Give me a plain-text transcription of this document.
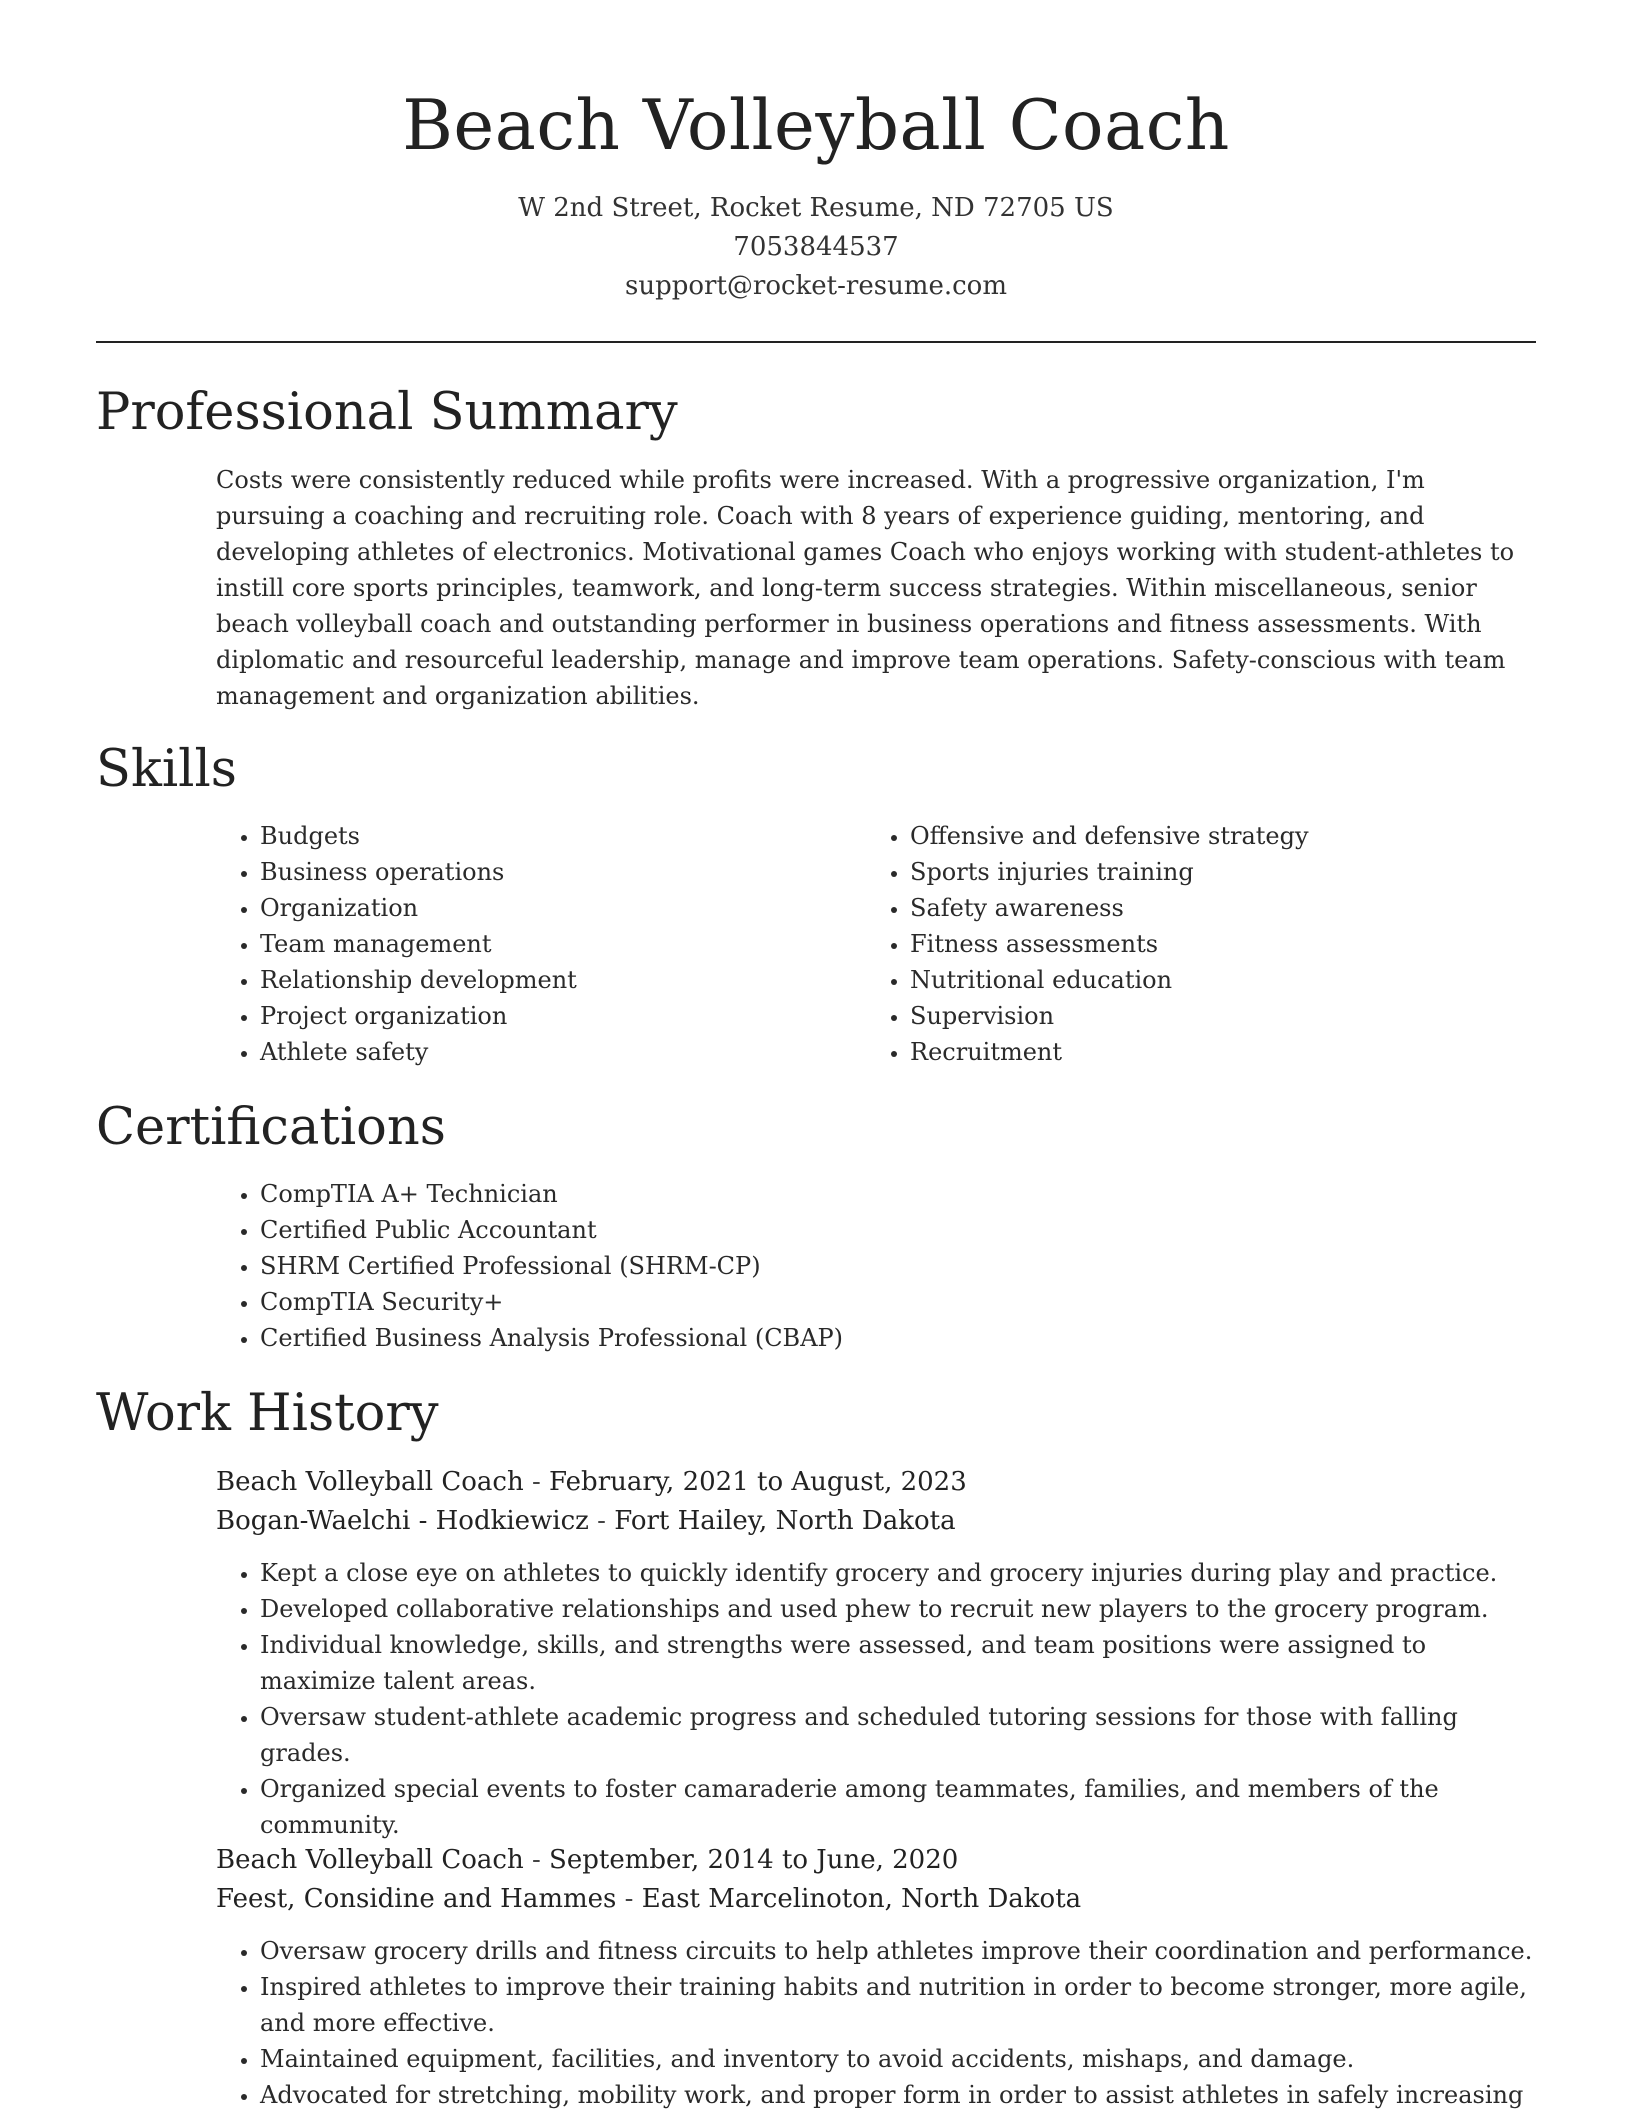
Beach Volleyball Coach
W 2nd Street, Rocket Resume, ND 72705 US
7053844537
support@rocket-resume.com
Professional Summary
Costs were consistently reduced while profits were increased. With a progressive organization, I'm pursuing a coaching and recruiting role. Coach with 8 years of experience guiding, mentoring, and developing athletes of electronics. Motivational games Coach who enjoys working with student-athletes to instill core sports principles, teamwork, and long-term success strategies. Within miscellaneous, senior beach volleyball coach and outstanding performer in business operations and fitness assessments. With diplomatic and resourceful leadership, manage and improve team operations. Safety-conscious with team management and organization abilities.
Skills
• Budgets
• Business operations
• Organization
• Team management
• Relationship development
• Project organization
• Athlete safety
• Offensive and defensive strategy
• Sports injuries training
• Safety awareness
• Fitness assessments
• Nutritional education
• Supervision
• Recruitment
Certifications
• CompTIA A+ Technician
• Certified Public Accountant
• SHRM Certified Professional (SHRM-CP)
• CompTIA Security+
• Certified Business Analysis Professional (CBAP)
Work History
Beach Volleyball Coach - February, 2021 to August, 2023
Bogan-Waelchi - Hodkiewicz - Fort Hailey, North Dakota
• Kept a close eye on athletes to quickly identify grocery and grocery injuries during play and practice.
• Developed collaborative relationships and used phew to recruit new players to the grocery program.
• Individual knowledge, skills, and strengths were assessed, and team positions were assigned to maximize talent areas.
• Oversaw student-athlete academic progress and scheduled tutoring sessions for those with falling grades.
• Organized special events to foster camaraderie among teammates, families, and members of the community.
Beach Volleyball Coach - September, 2014 to June, 2020
Feest, Considine and Hammes - East Marcelinoton, North Dakota
• Oversaw grocery drills and fitness circuits to help athletes improve their coordination and performance.
• Inspired athletes to improve their training habits and nutrition in order to become stronger, more agile, and more effective.
• Maintained equipment, facilities, and inventory to avoid accidents, mishaps, and damage.
• Advocated for stretching, mobility work, and proper form in order to assist athletes in safely increasing
